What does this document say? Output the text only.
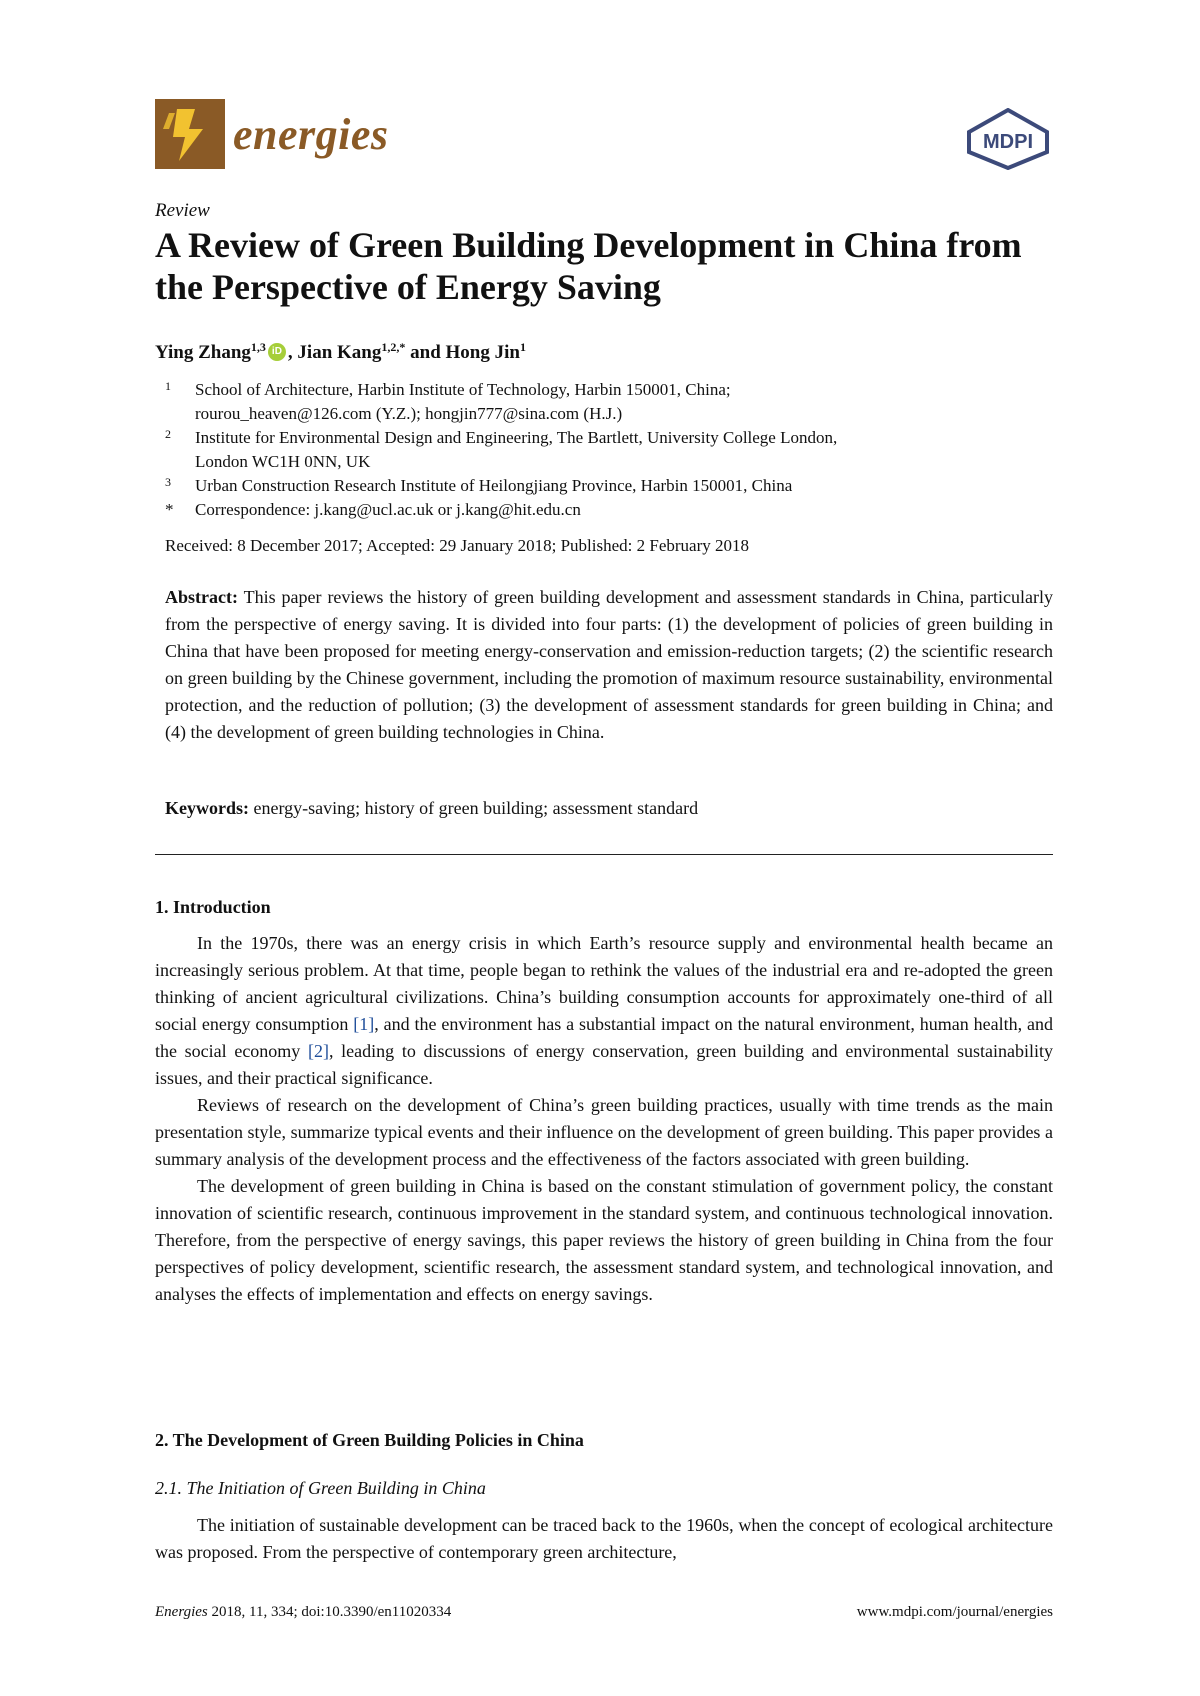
energies	MDPI
Review
A Review of Green Building Development in China from the Perspective of Energy Saving
Ying Zhang$^{1,3}$ iD , Jian Kang$^{1,2,*}$ and Hong Jin$^1$
1	School of Architecture, Harbin Institute of Technology, Harbin 150001, China;
rourou_heaven@126.com (Y.Z.); hongjin777@sina.com (H.J.)
2	Institute for Environmental Design and Engineering, The Bartlett, University College London,
London WC1H 0NN, UK
3	Urban Construction Research Institute of Heilongjiang Province, Harbin 150001, China
*	Correspondence: j.kang@ucl.ac.uk or j.kang@hit.edu.cn
Received: 8 December 2017; Accepted: 29 January 2018; Published: 2 February 2018
Abstract: This paper reviews the history of green building development and assessment standards in China, particularly from the perspective of energy saving. It is divided into four parts: (1) the development of policies of green building in China that have been proposed for meeting energy-conservation and emission-reduction targets; (2) the scientific research on green building by the Chinese government, including the promotion of maximum resource sustainability, environmental protection, and the reduction of pollution; (3) the development of assessment standards for green building in China; and (4) the development of green building technologies in China.
Keywords: energy-saving; history of green building; assessment standard
1. Introduction

In the 1970s, there was an energy crisis in which Earth’s resource supply and environmental health became an increasingly serious problem. At that time, people began to rethink the values of the industrial era and re-adopted the green thinking of ancient agricultural civilizations. China’s building consumption accounts for approximately one-third of all social energy consumption [1], and the environment has a substantial impact on the natural environment, human health, and the social economy [2], leading to discussions of energy conservation, green building and environmental sustainability issues, and their practical significance.

Reviews of research on the development of China’s green building practices, usually with time trends as the main presentation style, summarize typical events and their influence on the development of green building. This paper provides a summary analysis of the development process and the effectiveness of the factors associated with green building.

The development of green building in China is based on the constant stimulation of government policy, the constant innovation of scientific research, continuous improvement in the standard system, and continuous technological innovation. Therefore, from the perspective of energy savings, this paper reviews the history of green building in China from the four perspectives of policy development, scientific research, the assessment standard system, and technological innovation, and analyses the effects of implementation and effects on energy savings.

2. The Development of Green Building Policies in China
2.1. The Initiation of Green Building in China

The initiation of sustainable development can be traced back to the 1960s, when the concept of ecological architecture was proposed. From the perspective of contemporary green architecture,

Energies 2018, 11, 334; doi:10.3390/en11020334	www.mdpi.com/journal/energies
